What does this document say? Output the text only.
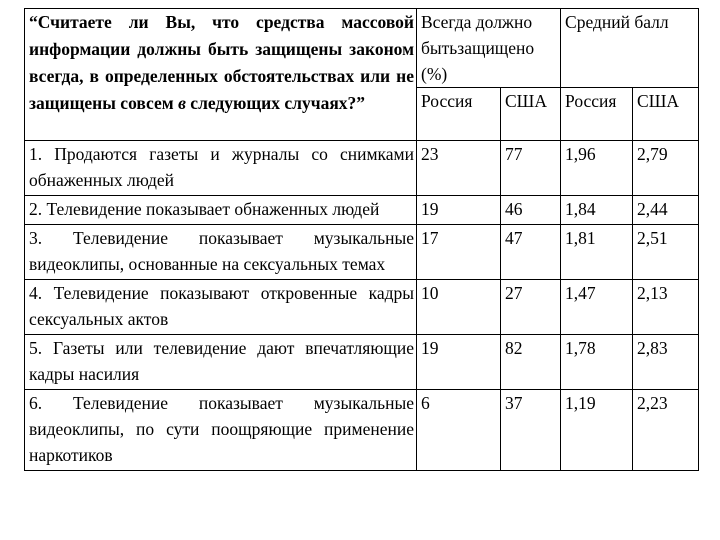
“Считаете ли Вы, что средства массовой информации должны быть защищены законом всегда, в определенных обстоятельствах или не защищены совсем в следующих случаях?”	Всегда должно бытьзащищено (%)		Средний балл	
	Россия	США	Россия	США
1. Продаются газеты и журналы со снимками обнаженных людей	23	77	1,96	2,79
2. Телевидение показывает обнаженных людей	19	46	1,84	2,44
3. Телевидение показывает музыкальные видеоклипы, основанные на сексуальных темах	17	47	1,81	2,51
4. Телевидение показывают откровенные кадры сексуальных актов	10	27	1,47	2,13
5. Газеты или телевидение дают впечатляющие кадры насилия	19	82	1,78	2,83
6. Телевидение показывает музыкальные видеоклипы, по сути поощряющие применение наркотиков	6	37	1,19	2,23
